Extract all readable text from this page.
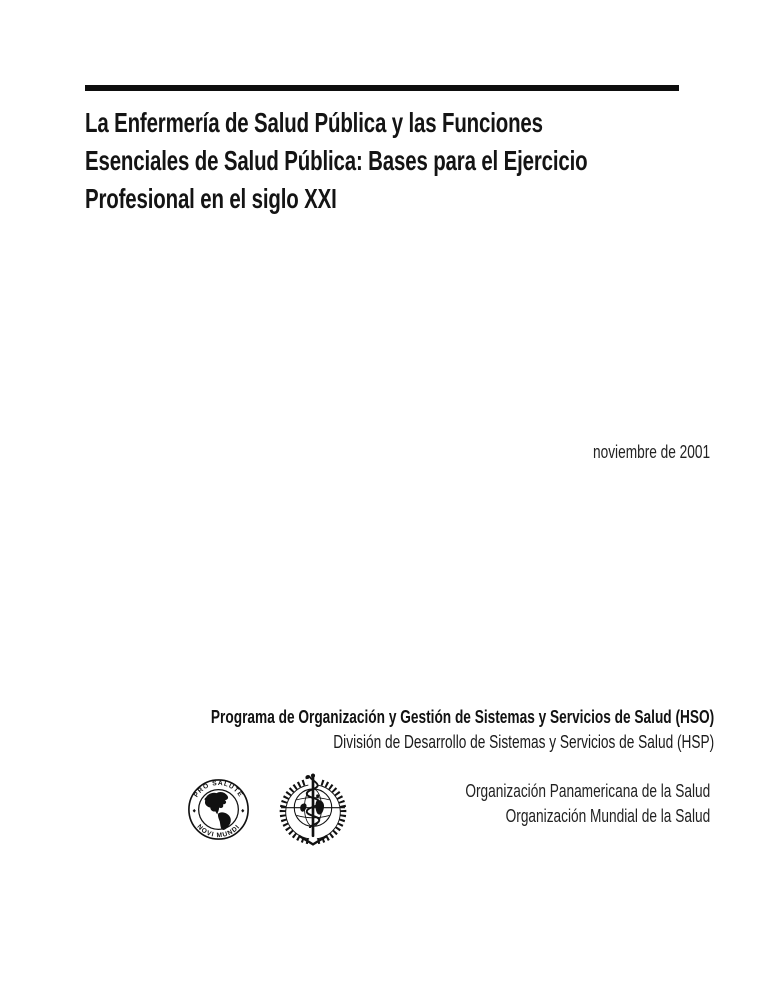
La Enfermería de Salud Pública y las Funciones
Esenciales de Salud Pública: Bases para el Ejercicio
Profesional en el siglo XXI
noviembre de 2001
Programa de Organización y Gestión de Sistemas y Servicios de Salud (HSO)
División de Desarrollo de Sistemas y Servicios de Salud (HSP)
PRO SALUTE
NOVI MUNDI
Organización Panamericana de la Salud
Organización Mundial de la Salud
